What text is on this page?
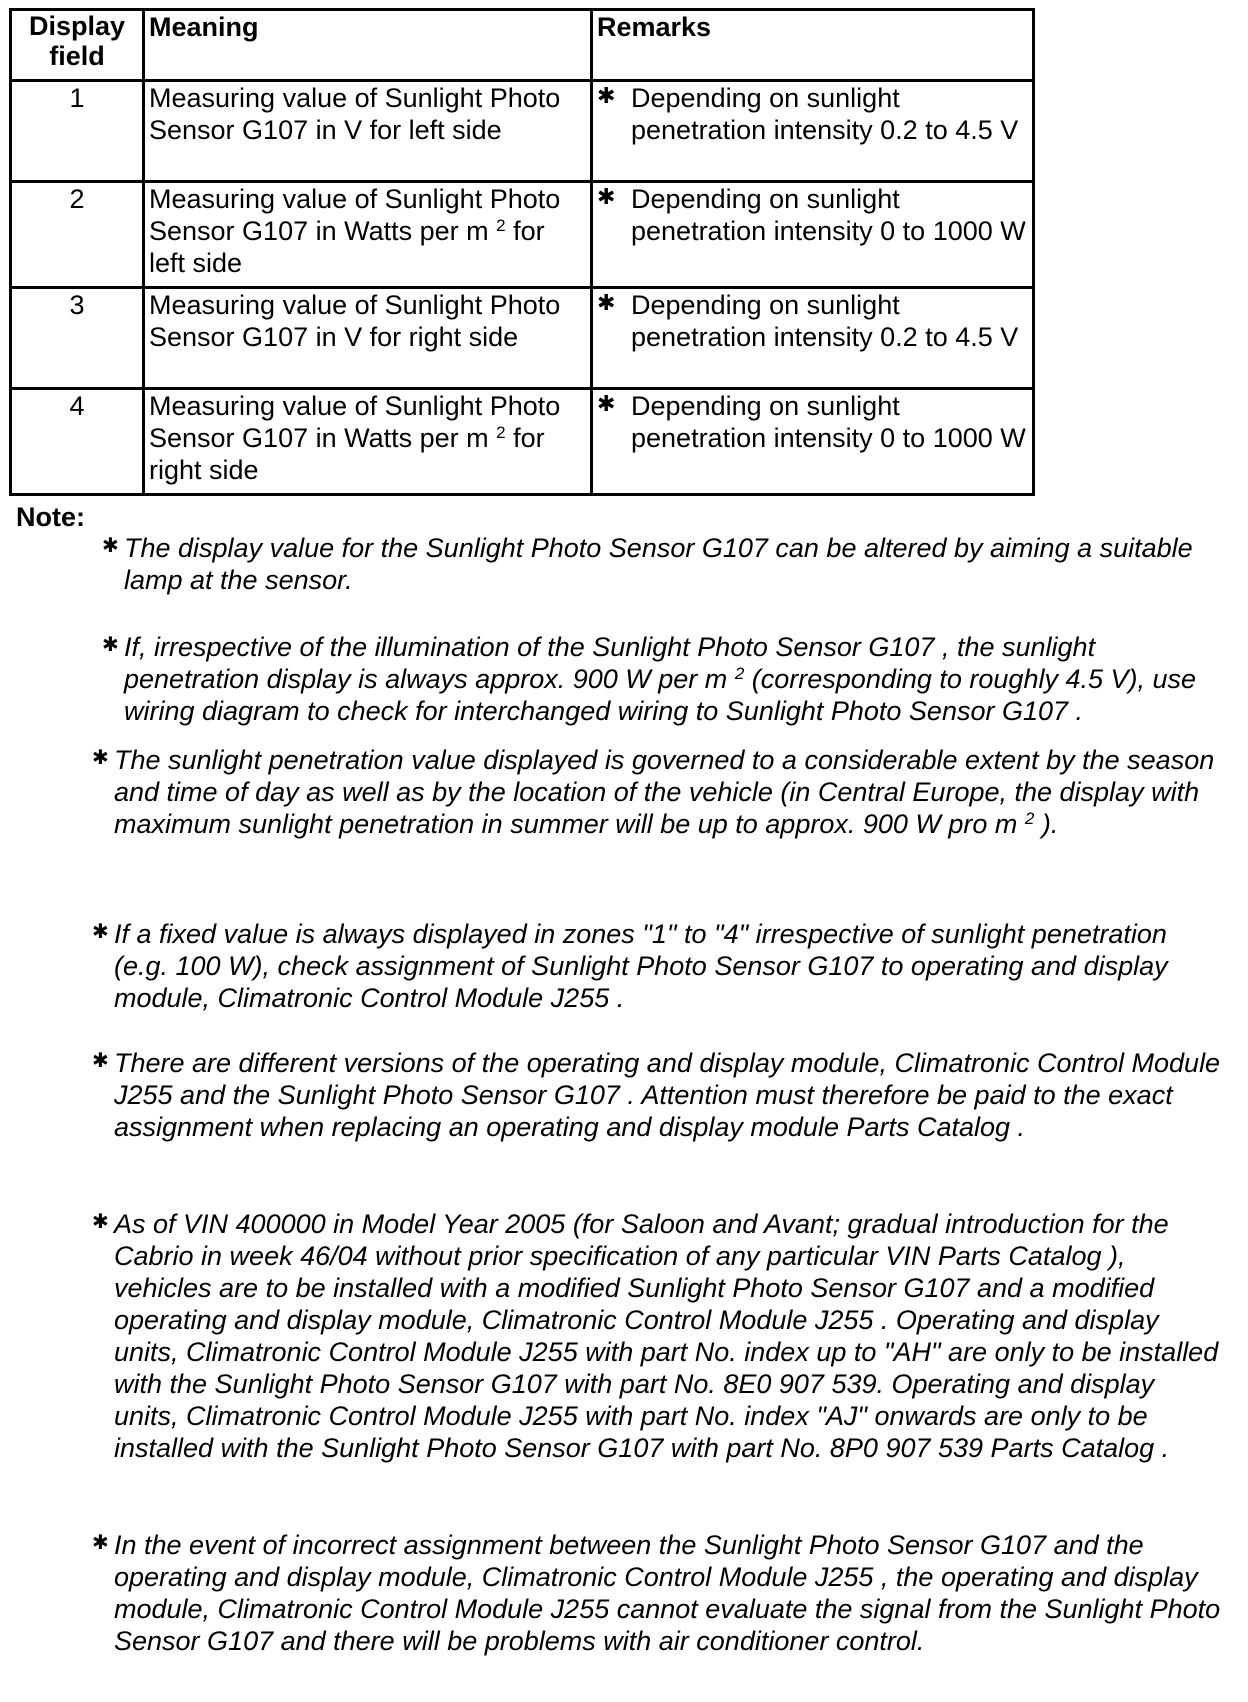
Display field	Meaning	Remarks
1	Measuring value of Sunlight Photo Sensor G107 in V for left side	✱ Depending on sunlight penetration intensity 0.2 to 4.5 V

2	Measuring value of Sunlight Photo Sensor G107 in Watts per m $^2$ for left side	✱ Depending on sunlight penetration intensity 0 to 1000 W

3	Measuring value of Sunlight Photo Sensor G107 in V for right side	✱ Depending on sunlight penetration intensity 0.2 to 4.5 V

4	Measuring value of Sunlight Photo Sensor G107 in Watts per m $^2$ for right side	✱ Depending on sunlight penetration intensity 0 to 1000 W
Note:
✱ The display value for the Sunlight Photo Sensor G107 can be altered by aiming a suitable lamp at the sensor.
✱ If, irrespective of the illumination of the Sunlight Photo Sensor G107 , the sunlight penetration display is always approx. 900 W per m $^2$ (corresponding to roughly 4.5 V), use wiring diagram to check for interchanged wiring to Sunlight Photo Sensor G107 .
✱ The sunlight penetration value displayed is governed to a considerable extent by the season and time of day as well as by the location of the vehicle (in Central Europe, the display with maximum sunlight penetration in summer will be up to approx. 900 W pro m $^2$ ).
✱ If a fixed value is always displayed in zones "1" to "4" irrespective of sunlight penetration (e.g. 100 W), check assignment of Sunlight Photo Sensor G107 to operating and display module, Climatronic Control Module J255 .
✱ There are different versions of the operating and display module, Climatronic Control Module J255 and the Sunlight Photo Sensor G107 . Attention must therefore be paid to the exact assignment when replacing an operating and display module Parts Catalog .
✱ As of VIN 400000 in Model Year 2005 (for Saloon and Avant; gradual introduction for the Cabrio in week 46/04 without prior specification of any particular VIN Parts Catalog ), vehicles are to be installed with a modified Sunlight Photo Sensor G107 and a modified operating and display module, Climatronic Control Module J255 . Operating and display units, Climatronic Control Module J255 with part No. index up to "AH" are only to be installed with the Sunlight Photo Sensor G107 with part No. 8E0 907 539. Operating and display units, Climatronic Control Module J255 with part No. index "AJ" onwards are only to be installed with the Sunlight Photo Sensor G107 with part No. 8P0 907 539 Parts Catalog .
✱ In the event of incorrect assignment between the Sunlight Photo Sensor G107 and the operating and display module, Climatronic Control Module J255 , the operating and display module, Climatronic Control Module J255 cannot evaluate the signal from the Sunlight Photo Sensor G107 and there will be problems with air conditioner control.
